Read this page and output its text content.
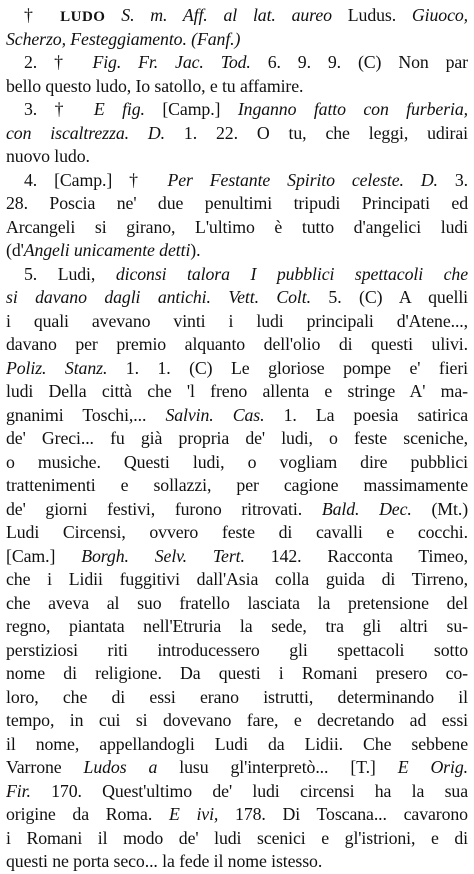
† LUDO S. m. Aff. al lat. aureo Ludus. Giuoco,
Scherzo, Festeggiamento. (Fanf.)
2. † Fig. Fr. Jac. Tod. 6. 9. 9. (C) Non par
bello questo ludo, Io satollo, e tu affamire.
3. † E fig. [Camp.] Inganno fatto con furberia,
con iscaltrezza. D. 1. 22. O tu, che leggi, udirai
nuovo ludo.
4. [Camp.] † Per Festante Spirito celeste. D. 3.
28. Poscia ne' due penultimi tripudi Principati ed
Arcangeli si girano, L'ultimo è tutto d'angelici ludi
(d'Angeli unicamente detti).
5. Ludi, diconsi talora I pubblici spettacoli che
si davano dagli antichi. Vett. Colt. 5. (C) A quelli
i quali avevano vinti i ludi principali d'Atene...,
davano per premio alquanto dell'olio di questi ulivi.
Poliz. Stanz. 1. 1. (C) Le gloriose pompe e' fieri
ludi Della città che 'l freno allenta e stringe A' ma-
gnanimi Toschi,... Salvin. Cas. 1. La poesia satirica
de' Greci... fu già propria de' ludi, o feste sceniche,
o musiche. Questi ludi, o vogliam dire pubblici
trattenimenti e sollazzi, per cagione massimamente
de' giorni festivi, furono ritrovati. Bald. Dec. (Mt.)
Ludi Circensi, ovvero feste di cavalli e cocchi.
[Cam.] Borgh. Selv. Tert. 142. Racconta Timeo,
che i Lidii fuggitivi dall'Asia colla guida di Tirreno,
che aveva al suo fratello lasciata la pretensione del
regno, piantata nell'Etruria la sede, tra gli altri su-
perstiziosi riti introducessero gli spettacoli sotto
nome di religione. Da questi i Romani presero co-
loro, che di essi erano istrutti, determinando il
tempo, in cui si dovevano fare, e decretando ad essi
il nome, appellandogli Ludi da Lidii. Che sebbene
Varrone Ludos a lusu gl'interpretò... [T.] E Orig.
Fir. 170. Quest'ultimo de' ludi circensi ha la sua
origine da Roma. E ivi, 178. Di Toscana... cavarono
i Romani il modo de' ludi scenici e gl'istrioni, e di
questi ne porta seco... la fede il nome istesso.
